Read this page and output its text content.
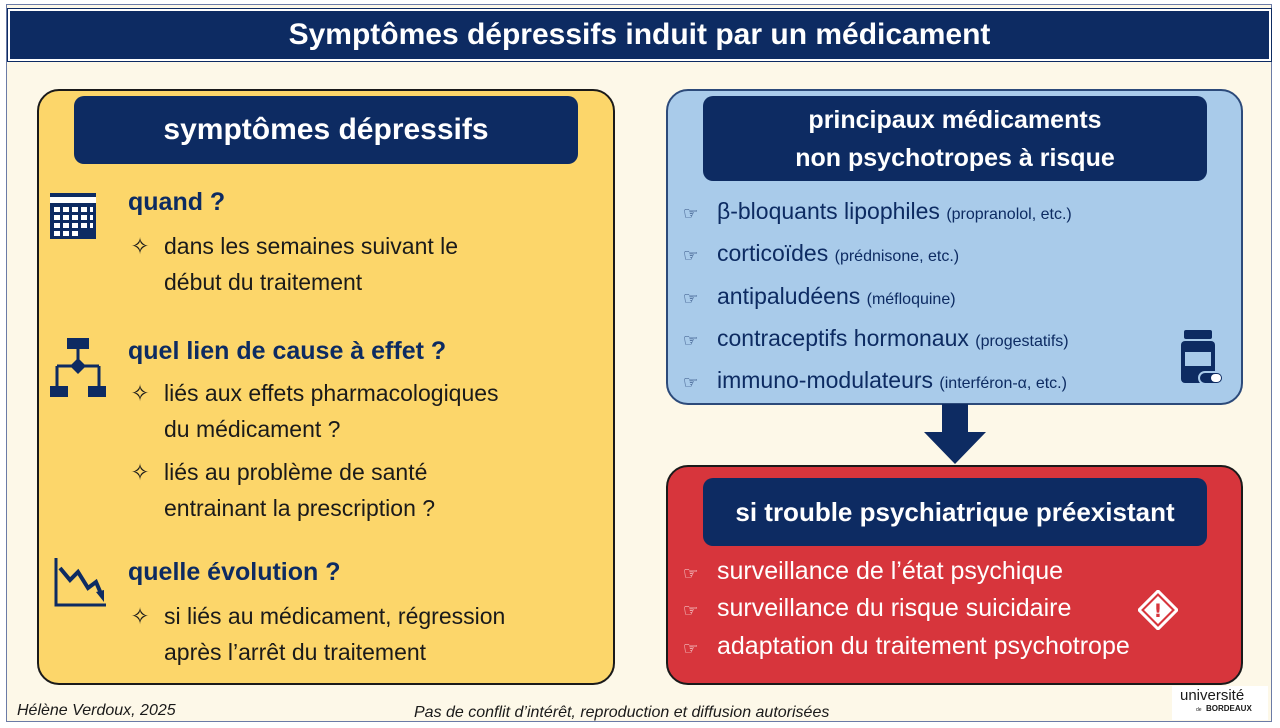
Symptômes dépressifs induit par un médicament
symptômes dépressifs
quand ?
✧ dans les semaines suivant le
début du traitement
quel lien de cause à effet ?
✧ liés aux effets pharmacologiques
du médicament ?
✧ liés au problème de santé
entrainant la prescription ?
quelle évolution ?
✧ si liés au médicament, régression
après l’arrêt du traitement
principaux médicaments
non psychotropes à risque
☞ β-bloquants lipophiles (propranolol, etc.)
☞ corticoïdes (prédnisone, etc.)
☞ antipaludéens (méfloquine)
☞ contraceptifs hormonaux (progestatifs)
☞ immuno-modulateurs (interféron-α, etc.)
si trouble psychiatrique préexistant
☞ surveillance de l’état psychique
☞ surveillance du risque suicidaire
☞ adaptation du traitement psychotrope
!
Hélène Verdoux, 2025	Pas de conflit d’intérêt, reproduction et diffusion autorisées
université
de BORDEAUX
